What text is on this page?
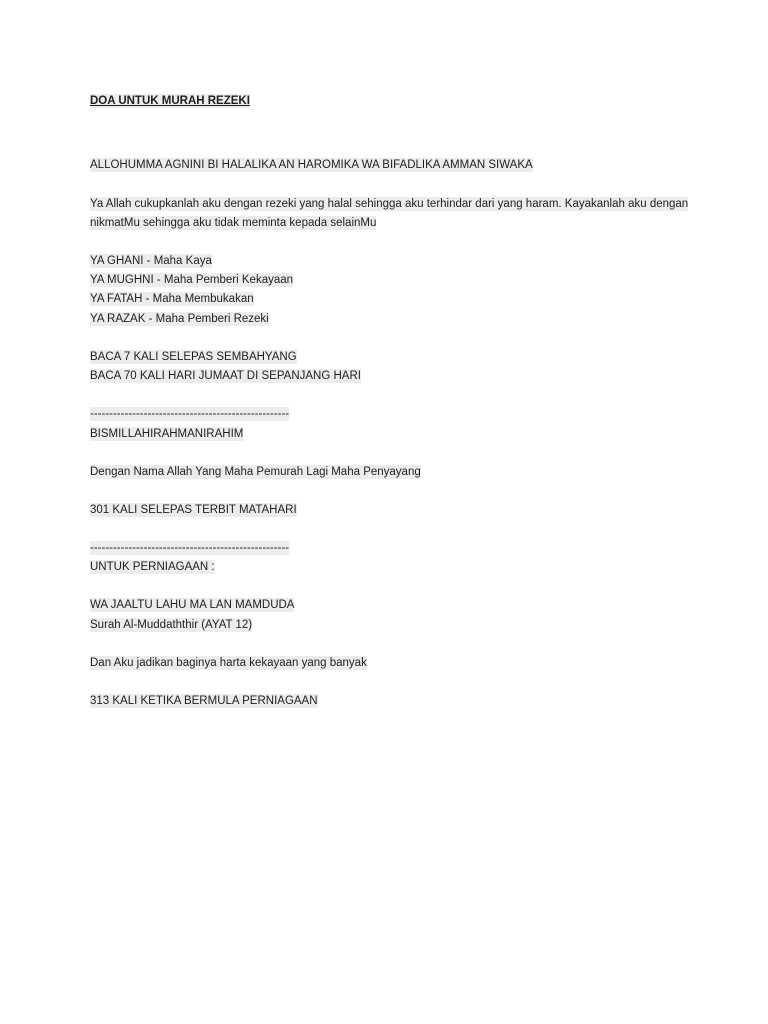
DOA UNTUK MURAH REZEKI
ALLOHUMMA AGNINI BI HALALIKA AN HAROMIKA WA BIFADLIKA AMMAN SIWAKA
Ya Allah cukupkanlah aku dengan rezeki yang halal sehingga aku terhindar dari yang haram. Kayakanlah aku dengan
nikmatMu sehingga aku tidak meminta kepada selainMu
YA GHANI - Maha Kaya
YA MUGHNI - Maha Pemberi Kekayaan
YA FATAH - Maha Membukakan
YA RAZAK - Maha Pemberi Rezeki
BACA 7 KALI SELEPAS SEMBAHYANG
BACA 70 KALI HARI JUMAAT DI SEPANJANG HARI
----------------------------------------------------
BISMILLAHIRAHMANIRAHIM
Dengan Nama Allah Yang Maha Pemurah Lagi Maha Penyayang
301 KALI SELEPAS TERBIT MATAHARI
----------------------------------------------------
UNTUK PERNIAGAAN :
WA JAALTU LAHU MA LAN MAMDUDA
Surah Al-Muddaththir (AYAT 12)
Dan Aku jadikan baginya harta kekayaan yang banyak
313 KALI KETIKA BERMULA PERNIAGAAN
